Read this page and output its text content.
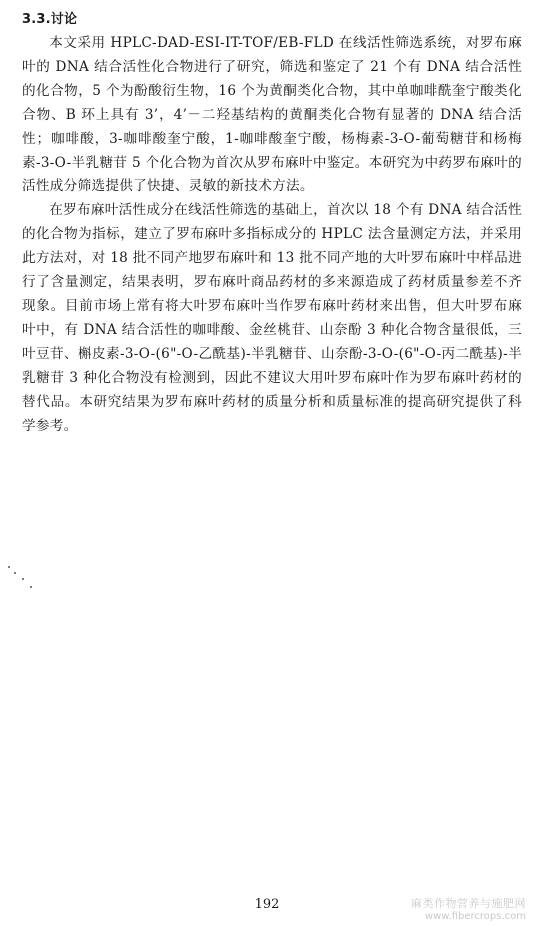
3.3.讨论

本文采用 HPLC-DAD-ESI-IT-TOF/EB-FLD 在线活性筛选系统，对罗布麻叶的 DNA 结合活性化合物进行了研究，筛选和鉴定了 21 个有 DNA 结合活性的化合物，5 个为酚酸衍生物，16 个为黄酮类化合物，其中单咖啡酰奎宁酸类化合物、B 环上具有 3’，4’－二羟基结构的黄酮类化合物有显著的 DNA 结合活性；咖啡酸，3-咖啡酸奎宁酸，1-咖啡酸奎宁酸，杨梅素-3-O-葡萄糖苷和杨梅素-3-O-半乳糖苷 5 个化合物为首次从罗布麻叶中鉴定。本研究为中药罗布麻叶的活性成分筛选提供了快捷、灵敏的新技术方法。

在罗布麻叶活性成分在线活性筛选的基础上，首次以 18 个有 DNA 结合活性的化合物为指标，建立了罗布麻叶多指标成分的 HPLC 法含量测定方法，并采用此方法对，对 18 批不同产地罗布麻叶和 13 批不同产地的大叶罗布麻叶中样品进行了含量测定，结果表明，罗布麻叶商品药材的多来源造成了药材质量参差不齐现象。目前市场上常有将大叶罗布麻叶当作罗布麻叶药材来出售，但大叶罗布麻叶中，有 DNA 结合活性的咖啡酸、金丝桃苷、山奈酚 3 种化合物含量很低，三叶豆苷、槲皮素-3-O-(6"-O-乙酰基)-半乳糖苷、山奈酚-3-O-(6"-O-丙二酰基)-半乳糖苷 3 种化合物没有检测到，因此不建议大用叶罗布麻叶作为罗布麻叶药材的替代品。本研究结果为罗布麻叶药材的质量分析和质量标准的提高研究提供了科学参考。

192	麻类作物营养与施肥网
www.fibercrops.com
